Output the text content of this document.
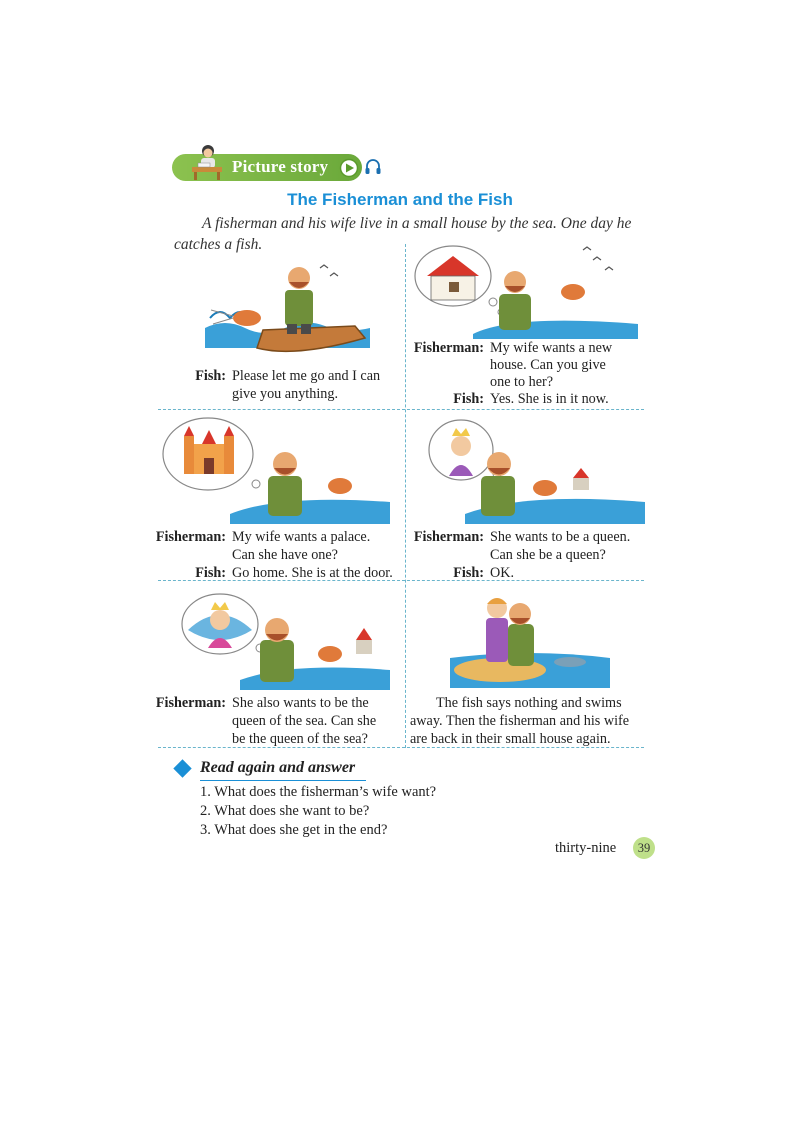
Picture story
The Fisherman and the Fish
A fisherman and his wife live in a small house by the sea. One day he catches a fish.
Fish: Please let me go and I can
give you anything.
Fisherman: My wife wants a new
house. Can you give
one to her?
Fish: Yes. She is in it now.
Fisherman: My wife wants a palace.
Can she have one?
Fish: Go home. She is at the door.
Fisherman: She wants to be a queen.
Can she be a queen?
Fish: OK.
Fisherman: She also wants to be the
queen of the sea. Can she
be the queen of the sea?
The fish says nothing and swims
away. Then the fisherman and his wife
are back in their small house again.
Read again and answer
1. What does the fisherman’s wife want?
2. What does she want to be?
3. What does she get in the end?
thirty-nine	39
